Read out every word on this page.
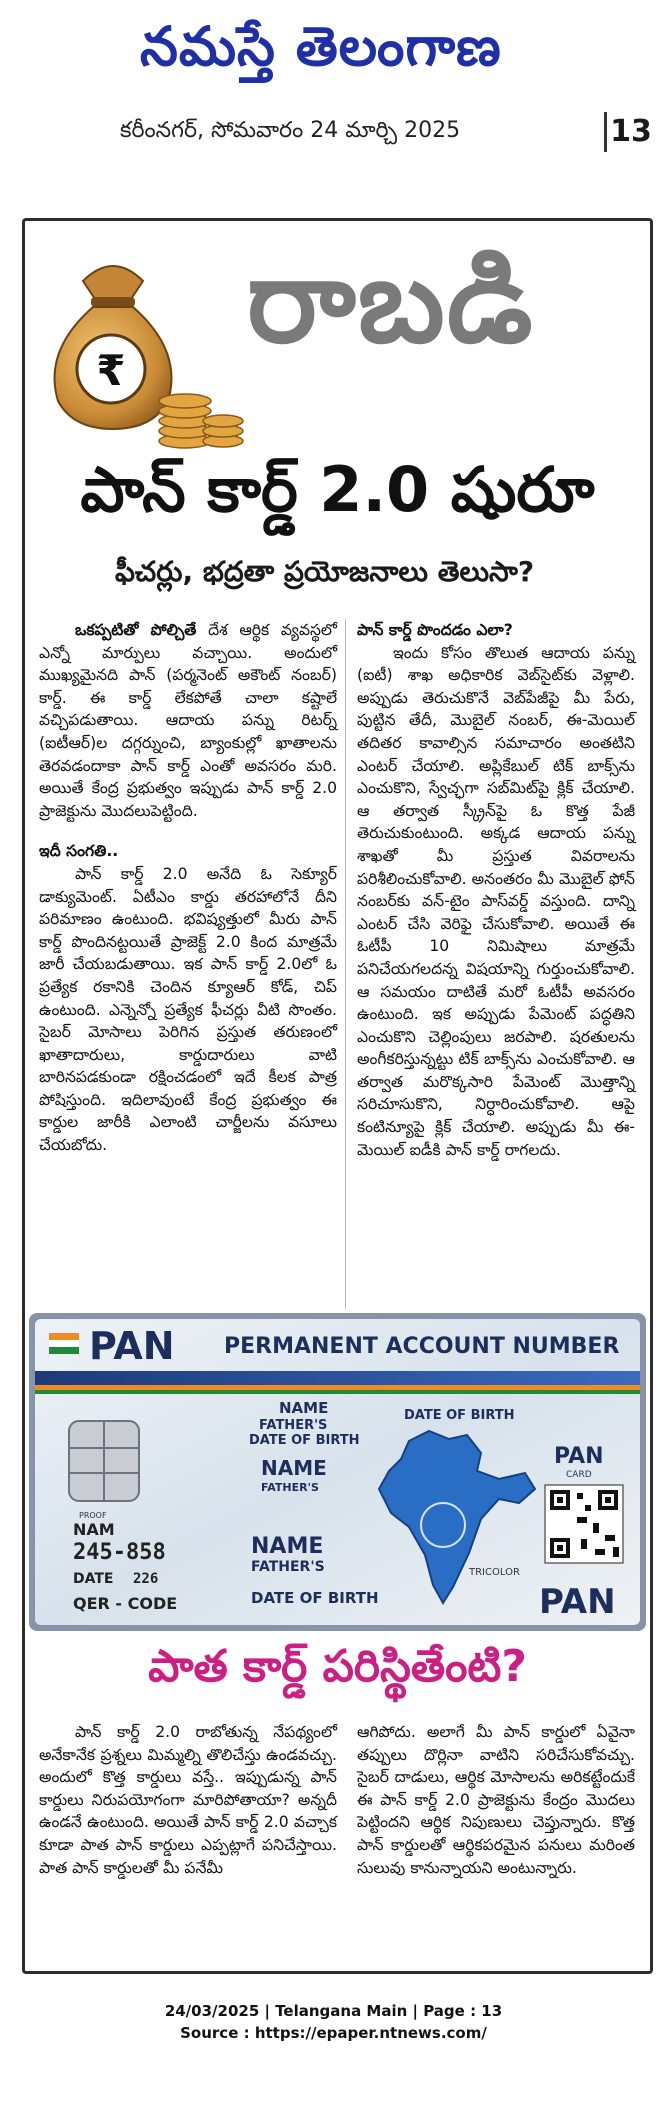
నమస్తే తెలంగాణ
కరీంనగర్, సోమవారం 24 మార్చి 2025	13
₹
రాబడి
పాన్ కార్డ్ 2.0 షురూ
ఫీచర్లు, భద్రతా ప్రయోజనాలు తెలుసా?

ఒకప్పటితో పోల్చితే దేశ ఆర్థిక వ్యవస్థలో ఎన్నో మార్పులు వచ్చాయి. అందులో ముఖ్యమైనది పాన్ (పర్మనెంట్ అకౌంట్ నంబర్) కార్డ్. ఈ కార్డ్ లేకపోతే చాలా కష్టాలే వచ్చిపడుతాయి. ఆదాయ పన్ను రిటర్న్ (ఐటీఆర్)ల దగ్గర్నుంచి, బ్యాంకుల్లో ఖాతాలను తెరవడందాకా పాన్ కార్డ్ ఎంతో అవసరం మరి. అయితే కేంద్ర ప్రభుత్వం ఇప్పుడు పాన్ కార్డ్ 2.0 ప్రాజెక్టును మొదలుపెట్టింది.

ఇదీ సంగతి..

పాన్ కార్డ్ 2.0 అనేది ఓ సెక్యూర్ డాక్యుమెంట్. ఏటీఎం కార్డు తరహాలోనే దీని పరిమాణం ఉంటుంది. భవిష్యత్తులో మీరు పాన్ కార్డ్ పొందినట్టయితే ప్రాజెక్ట్ 2.0 కింద మాత్రమే జారీ చేయబడుతాయి. ఇక పాన్ కార్డ్ 2.0లో ఓ ప్రత్యేక రకానికి చెందిన క్యూఆర్ కోడ్, చిప్ ఉంటుంది. ఎన్నెన్నో ప్రత్యేక ఫీచర్లు వీటి సొంతం. సైబర్ మోసాలు పెరిగిన ప్రస్తుత తరుణంలో ఖాతాదారులు, కార్డుదారులు వాటి బారినపడకుండా రక్షించడంలో ఇదే కీలక పాత్ర పోషిస్తుంది. ఇదిలావుంటే కేంద్ర ప్రభుత్వం ఈ కార్డుల జారీకి ఎలాంటి చార్జీలను వసూలు చేయబోదు.

పాన్ కార్డ్ పొందడం ఎలా?

ఇందు కోసం తొలుత ఆదాయ పన్ను (ఐటీ) శాఖ అధికారిక వెబ్‌సైట్‌కు వెళ్లాలి. అప్పుడు తెరుచుకొనే వెబ్‌పేజీపై మీ పేరు, పుట్టిన తేదీ, మొబైల్ నంబర్, ఈ-మెయిల్ తదితర కావాల్సిన సమాచారం అంతటిని ఎంటర్ చేయాలి. అప్లికేబుల్ టిక్ బాక్స్‌ను ఎంచుకొని, స్వేచ్ఛగా సబ్‌మిట్‌పై క్లిక్ చేయాలి. ఆ తర్వాత స్క్రీన్‌పై ఓ కొత్త పేజీ తెరుచుకుంటుంది. అక్కడ ఆదాయ పన్ను శాఖతో మీ ప్రస్తుత వివరాలను పరిశీలించుకోవాలి. అనంతరం మీ మొబైల్ ఫోన్ నంబర్‌కు వన్-టైం పాస్‌వర్డ్ వస్తుంది. దాన్ని ఎంటర్ చేసి వెరిఫై చేసుకోవాలి. అయితే ఈ ఓటీపీ 10 నిమిషాలు మాత్రమే పనిచేయగలదన్న విషయాన్ని గుర్తుంచుకోవాలి. ఆ సమయం దాటితే మరో ఓటీపీ అవసరం ఉంటుంది. ఇక అప్పుడు పేమెంట్ పద్ధతిని ఎంచుకొని చెల్లింపులు జరపాలి. షరతులను అంగీకరిస్తున్నట్టు టిక్ బాక్స్‌ను ఎంచుకోవాలి. ఆ తర్వాత మరొక్కసారి పేమెంట్ మొత్తాన్ని సరిచూసుకొని, నిర్ధారించుకోవాలి. ఆపై కంటిన్యూపై క్లిక్ చేయాలి. అప్పుడు మీ ఈ-మెయిల్ ఐడీకి పాన్ కార్డ్ రాగలదు.

PAN PERMANENT ACCOUNT NUMBER
PROOF
NAM
245-858
DATE 226
QER - CODE
NAME
FATHER'S
DATE OF BIRTH
DATE OF BIRTH
NAME
FATHER'S
NAME
FATHER'S
DATE OF BIRTH
TRICOLOR
PAN
CARD
PAN
పాత కార్డ్ పరిస్థితేంటి?

పాన్ కార్డ్ 2.0 రాబోతున్న నేపథ్యంలో అనేకానేక ప్రశ్నలు మిమ్మల్ని తొలిచేస్తు ఉండవచ్చు. అందులో కొత్త కార్డులు వస్తే.. ఇప్పుడున్న పాన్ కార్డులు నిరుపయోగంగా మారిపోతాయా? అన్నదీ ఉండనే ఉంటుంది. అయితే పాన్ కార్డ్ 2.0 వచ్చాక కూడా పాత పాన్ కార్డులు ఎప్పట్లాగే పనిచేస్తాయి. పాత పాన్ కార్డులతో మీ పనేమీ

ఆగిపోదు. అలాగే మీ పాన్ కార్డులో ఏవైనా తప్పులు దొర్లినా వాటిని సరిచేసుకోవచ్చు. సైబర్ దాడులు, ఆర్థిక మోసాలను అరికట్టేందుకే ఈ పాన్ కార్డ్ 2.0 ప్రాజెక్టును కేంద్రం మొదలు పెట్టిందని ఆర్థిక నిపుణులు చెప్తున్నారు. కొత్త పాన్ కార్డులతో ఆర్థికపరమైన పనులు మరింత సులువు కానున్నాయని అంటున్నారు.

24/03/2025 | Telangana Main | Page : 13
Source : https://epaper.ntnews.com/
